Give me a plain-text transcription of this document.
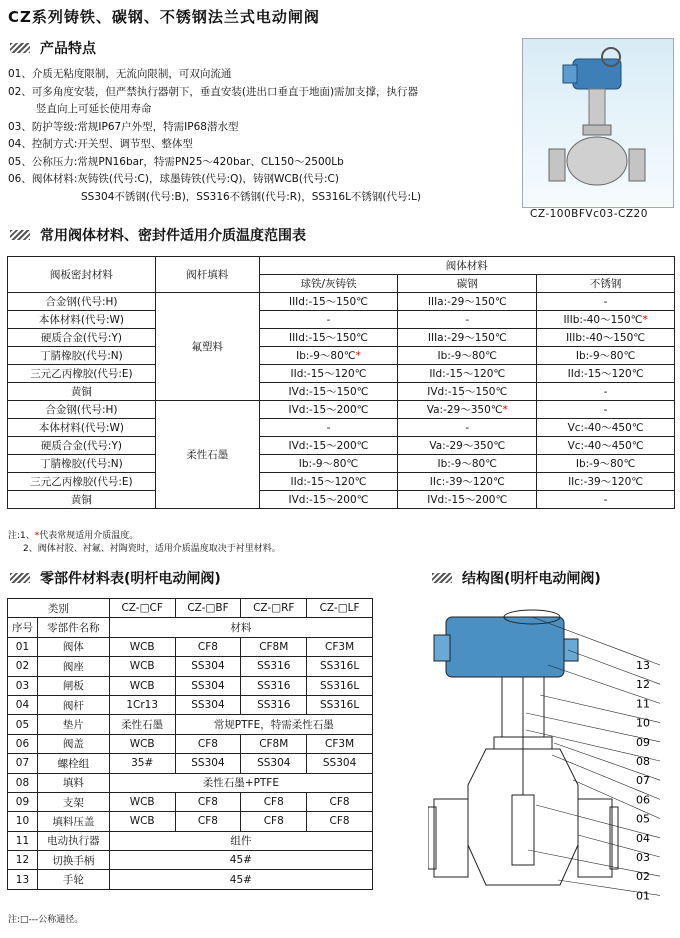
CZ系列铸铁、碳钢、不锈钢法兰式电动闸阀
产品特点
01、介质无粘度限制，无流向限制，可双向流通
02、可多角度安装，但严禁执行器朝下，垂直安装(进出口垂直于地面)需加支撑，执行器
竖直向上可延长使用寿命
03、防护等级:常规IP67户外型，特需IP68潜水型
04、控制方式:开关型、调节型、整体型
05、公称压力:常规PN16bar，特需PN25～420bar、CL150～2500Lb
06、阀体材料:灰铸铁(代号:C)，球墨铸铁(代号:Q)，铸钢WCB(代号:C)
SS304不锈钢(代号:B)，SS316不锈钢(代号:R)，SS316L不锈钢(代号:L)
CZ-100BFVc03-CZ20
常用阀体材料、密封件适用介质温度范围表
阀板密封材料	阀杆填料	阀体材料		
		球铁/灰铸铁	碳钢	不锈钢
合金钢(代号:H)	氟塑料	IIId:-15～150℃	IIIa:-29～150℃	-
本体材料(代号:W)		-	-	IIIb:-40～150℃*
硬质合金(代号:Y)		IIId:-15～150℃	IIIa:-29～150℃	IIIb:-40～150℃
丁腈橡胶(代号:N)		Ib:-9～80℃*	Ib:-9～80℃	Ib:-9～80℃
三元乙丙橡胶(代号:E)		IId:-15～120℃	IId:-15～120℃	IId:-15～120℃
黄铜		IVd:-15～150℃	IVd:-15～150℃	-
合金钢(代号:H)	柔性石墨	IVd:-15～200℃	Va:-29～350℃*	-
本体材料(代号:W)		-	-	Vc:-40～450℃
硬质合金(代号:Y)		IVd:-15～200℃	Va:-29～350℃	Vc:-40～450℃
丁腈橡胶(代号:N)		Ib:-9～80℃	Ib:-9～80℃	Ib:-9～80℃
三元乙丙橡胶(代号:E)		IId:-15～120℃	IIc:-39～120℃	IIc:-39～120℃
黄铜		IVd:-15～200℃	IVd:-15～200℃	-
注:1、*代表常规适用介质温度。
2、阀体衬胶、衬氟、衬陶瓷时，适用介质温度取决于衬里材料。
零部件材料表(明杆电动闸阀)	结构图(明杆电动闸阀)
类别		CZ-□CF	CZ-□BF	CZ-□RF	CZ-□LF
序号	零部件名称	材料			
01	阀体	WCB	CF8	CF8M	CF3M
02	阀座	WCB	SS304	SS316	SS316L
03	闸板	WCB	SS304	SS316	SS316L
04	阀杆	1Cr13	SS304	SS316	SS316L
05	垫片	柔性石墨	常规PTFE，特需柔性石墨		
06	阀盖	WCB	CF8	CF8M	CF3M
07	螺栓组	35#	SS304	SS304	SS304
08	填料	柔性石墨+PTFE			
09	支架	WCB	CF8	CF8	CF8
10	填料压盖	WCB	CF8	CF8	CF8
11	电动执行器	组件			
12	切换手柄	45#			
13	手轮	45#			
注:□---公称通径。
13
12
11
10
09
08
07
06
05
04
03
02
01
